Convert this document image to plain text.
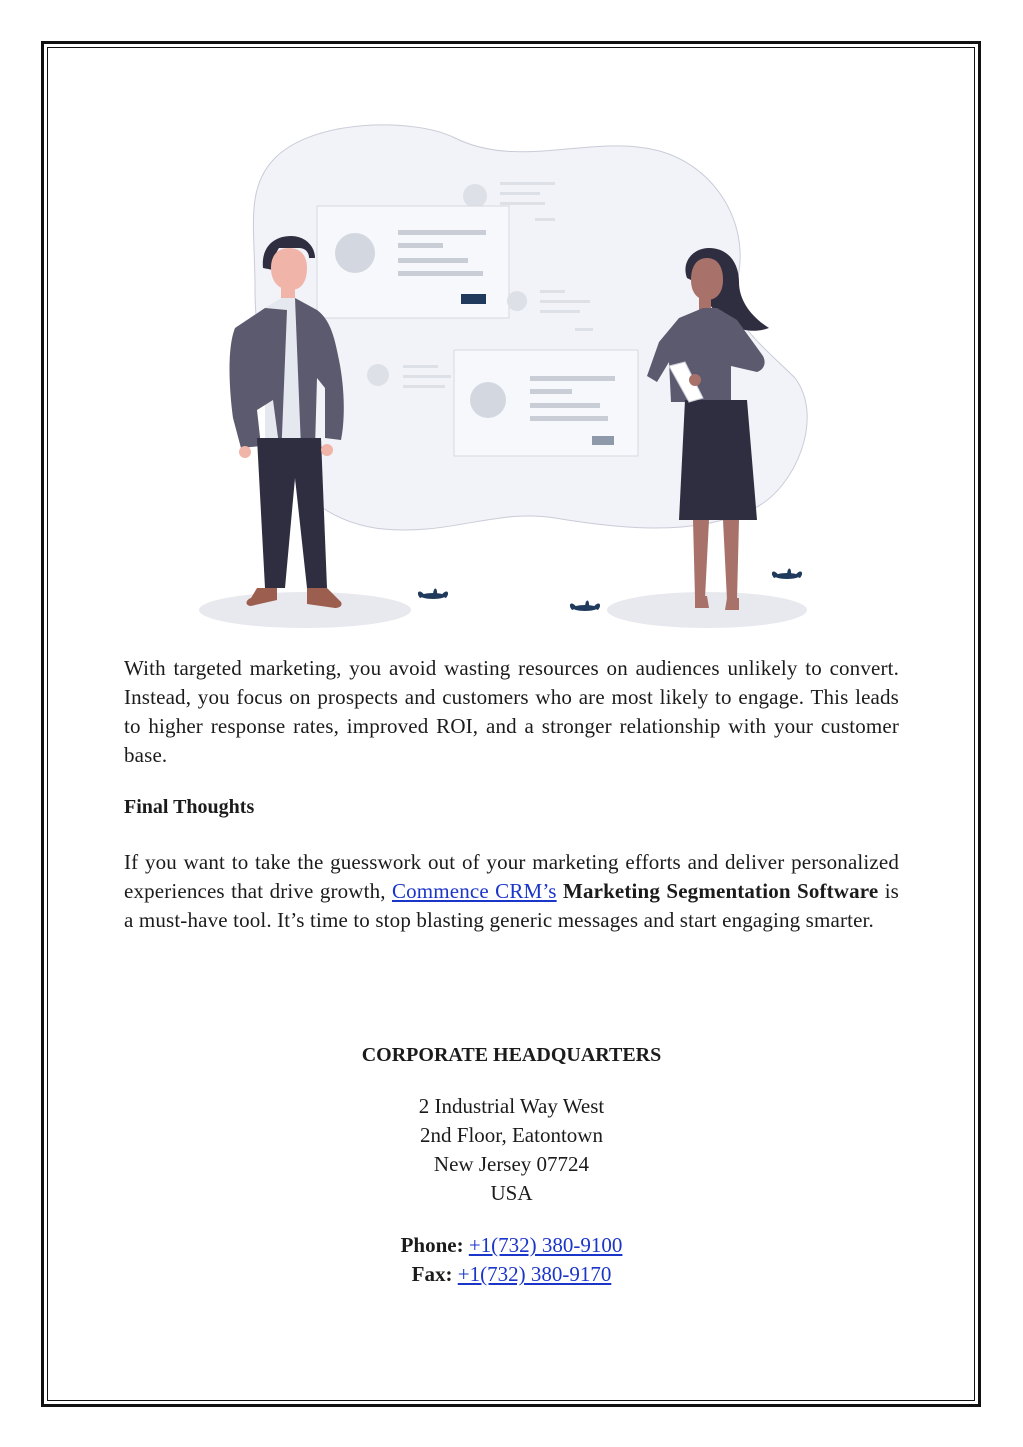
With targeted marketing, you avoid wasting resources on audiences unlikely to convert. Instead, you focus on prospects and customers who are most likely to engage. This leads to higher response rates, improved ROI, and a stronger relationship with your customer base.

Final Thoughts

If you want to take the guesswork out of your marketing efforts and deliver personalized experiences that drive growth, Commence CRM’s Marketing Segmentation Software is a must-have tool. It’s time to stop blasting generic messages and start engaging smarter.

CORPORATE HEADQUARTERS
2 Industrial Way West
2nd Floor, Eatontown
New Jersey 07724
USA
Phone: +1(732) 380-9100
Fax: +1(732) 380-9170
